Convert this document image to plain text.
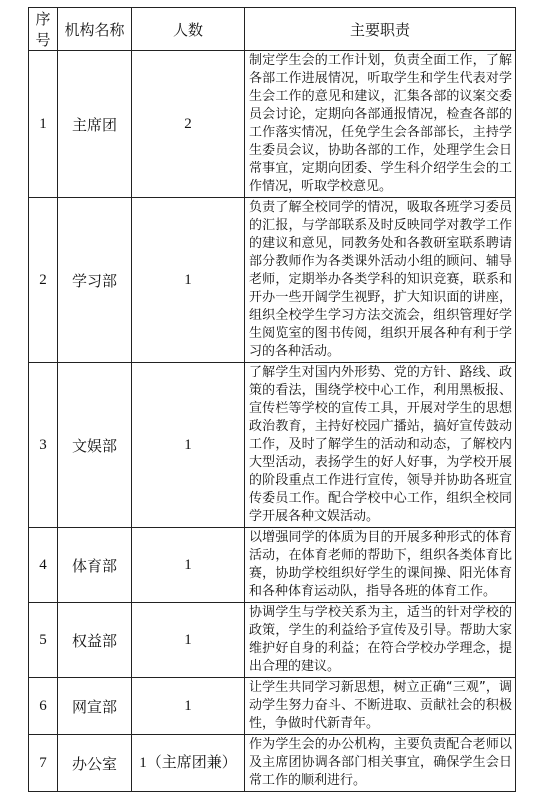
序号	机构名称	人数	主要职责
1	主席团	2	制定学生会的工作计划，负责全面工作，了解各部工作进展情况，听取学生和学生代表对学生会工作的意见和建议，汇集各部的议案交委员会讨论，定期向各部通报情况，检查各部的工作落实情况，任免学生会各部部长，主持学生委员会议，协助各部的工作，处理学生会日常事宜，定期向团委、学生科介绍学生会的工作情况，听取学校意见。
2	学习部	1	负责了解全校同学的情况，吸取各班学习委员的汇报，与学部联系及时反映同学对教学工作的建议和意见，同教务处和各教研室联系聘请部分教师作为各类课外活动小组的顾问、辅导老师，定期举办各类学科的知识竞赛，联系和开办一些开阔学生视野，扩大知识面的讲座，组织全校学生学习方法交流会，组织管理好学生阅览室的图书传阅，组织开展各种有利于学习的各种活动。
3	文娱部	1	了解学生对国内外形势、党的方针、路线、政策的看法，围绕学校中心工作，利用黑板报、宣传栏等学校的宣传工具，开展对学生的思想政治教育，主持好校园广播站，搞好宣传鼓动工作，及时了解学生的活动和动态，了解校内大型活动，表扬学生的好人好事，为学校开展的阶段重点工作进行宣传，领导并协助各班宣传委员工作。配合学校中心工作，组织全校同学开展各种文娱活动。
4	体育部	1	以增强同学的体质为目的开展多种形式的体育活动，在体育老师的帮助下，组织各类体育比赛，协助学校组织好学生的课间操、阳光体育和各种体育运动队，指导各班的体育工作。
5	权益部	1	协调学生与学校关系为主，适当的针对学校的政策，学生的利益给予宣传及引导。帮助大家维护好自身的利益；在符合学校办学理念，提出合理的建议。
6	网宣部	1	让学生共同学习新思想，树立正确“三观”，调动学生努力奋斗、不断进取、贡献社会的积极性，争做时代新青年。
7	办公室	1（主席团兼）	作为学生会的办公机构，主要负责配合老师以及主席团协调各部门相关事宜，确保学生会日常工作的顺利进行。
